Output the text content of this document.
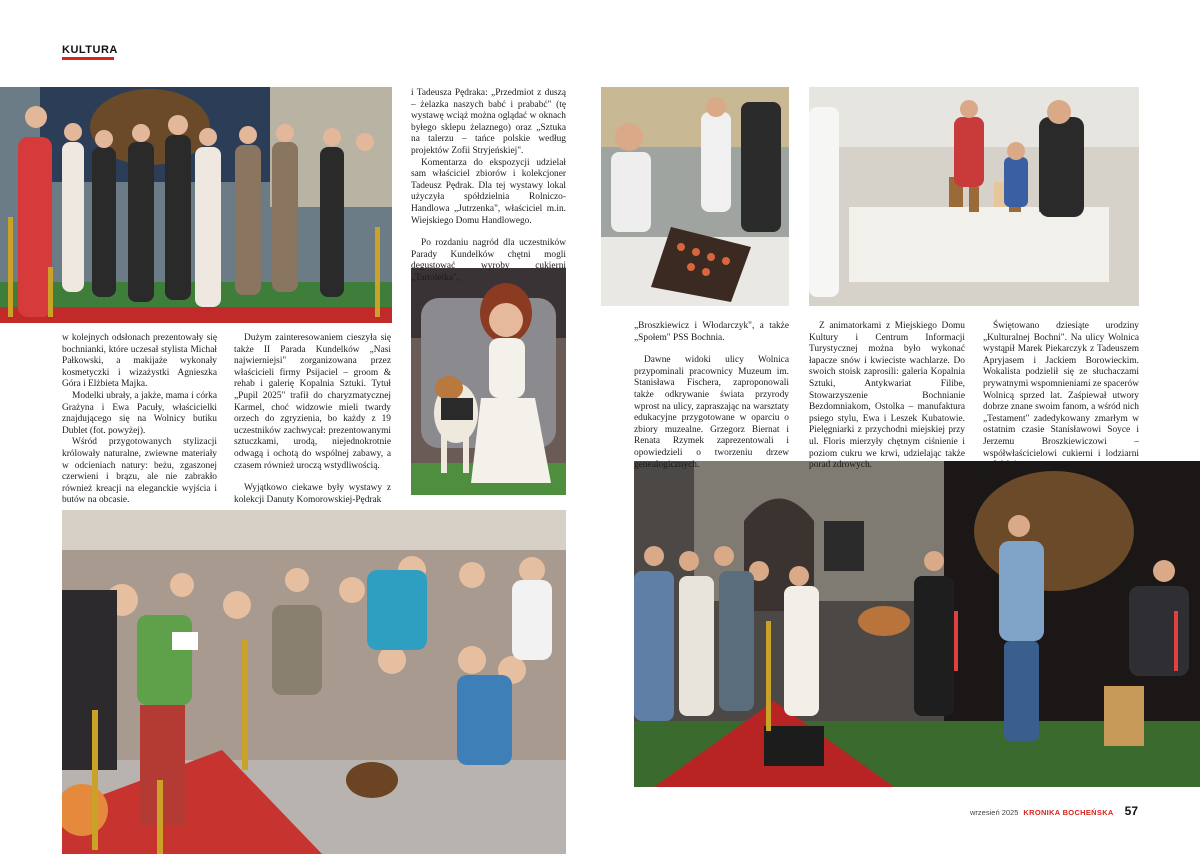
KULTURA

w kolejnych odsłonach prezentowały się bochnianki, które uczesał stylista Michał Pałkowski, a makijaże wykonały kosmetyczki i wizażystki Agnieszka Góra i Elżbieta Majka.

Modelki ubrały, a jakże, mama i córka Grażyna i Ewa Pacuły, właścicielki znajdującego się na Wolnicy butiku Dublet (fot. powyżej).

Wśród przygotowanych stylizacji królowały naturalne, zwiewne materiały w odcieniach natury: beżu, zgaszonej czerwieni i brązu, ale nie zabrakło również kreacji na eleganckie wyjścia i butów na obcasie.

Dużym zainteresowaniem cieszyła się także II Parada Kundelków „Nasi najwierniejsi" zorganizowana przez właścicieli firmy Psijaciel – groom & rehab i galerię Kopalnia Sztuki. Tytuł „Pupil 2025" trafił do charyzmatycznej Karmel, choć widzowie mieli twardy orzech do zgryzienia, bo każdy z 19 uczestników zachwycał: prezentowanymi sztuczkami, urodą, niejednokrotnie odwagą i ochotą do wspólnej zabawy, a czasem również uroczą wstydliwością.

Wyjątkowo ciekawe były wystawy z kolekcji Danuty Komorowskiej-Pędrak

i Tadeusza Pędraka: „Przedmiot z duszą – żelazka naszych babć i prababć" (tę wystawę wciąż można oglądać w oknach byłego sklepu żelaznego) oraz „Sztuka na talerzu – tańce polskie według projektów Zofii Stryjeńskiej".

Komentarza do ekspozycji udzielał sam właściciel zbiorów i kolekcjoner Tadeusz Pędrak. Dla tej wystawy lokal użyczyła spółdzielnia Rolniczo-Handlowa „Jutrzenka", właściciel m.in. Wiejskiego Domu Handlowego.

Po rozdaniu nagród dla uczestników Parady Kundelków chętni mogli degustować wyroby cukierni „Tartoletka",

„Broszkiewicz i Włodarczyk", a także „Społem" PSS Bochnia.

Dawne widoki ulicy Wolnica przypominali pracownicy Muzeum im. Stanisława Fischera, zaproponowali także odkrywanie świata przyrody wprost na ulicy, zapraszając na warsztaty edukacyjne przygotowane w oparciu o zbiory muzealne. Grzegorz Biernat i Renata Rzymek zaprezentowali i opowiedzieli o tworzeniu drzew genealogicznych.

Z animatorkami z Miejskiego Domu Kultury i Centrum Informacji Turystycznej można było wykonać łapacze snów i kwieciste wachlarze. Do swoich stoisk zaprosili: galeria Kopalnia Sztuki, Antykwariat Filibe, Stowarzyszenie Bochnianie Bezdomniakom, Ostolka – manufaktura psiego stylu, Ewa i Leszek Kubatowie. Pielęgniarki z przychodni miejskiej przy ul. Floris mierzyły chętnym ciśnienie i poziom cukru we krwi, udzielając także porad zdrowych.

Świętowano dziesiąte urodziny „Kulturalnej Bochni". Na ulicy Wolnica wystąpił Marek Piekarczyk z Tadeuszem Apryjasem i Jackiem Borowieckim. Wokalista podzielił się ze słuchaczami prywatnymi wspomnieniami ze spacerów Wolnicą sprzed lat. Zaśpiewał utwory dobrze znane swoim fanom, a wśród nich „Testament" zadedykowany zmarłym w ostatnim czasie Stanisławowi Soyce i Jerzemu Broszkiewiczowi – współwłaścicielowi cukierni i lodziarni na Wolnicy.

wrzesień 2025 KRONIKA BOCHEŃSKA 57
